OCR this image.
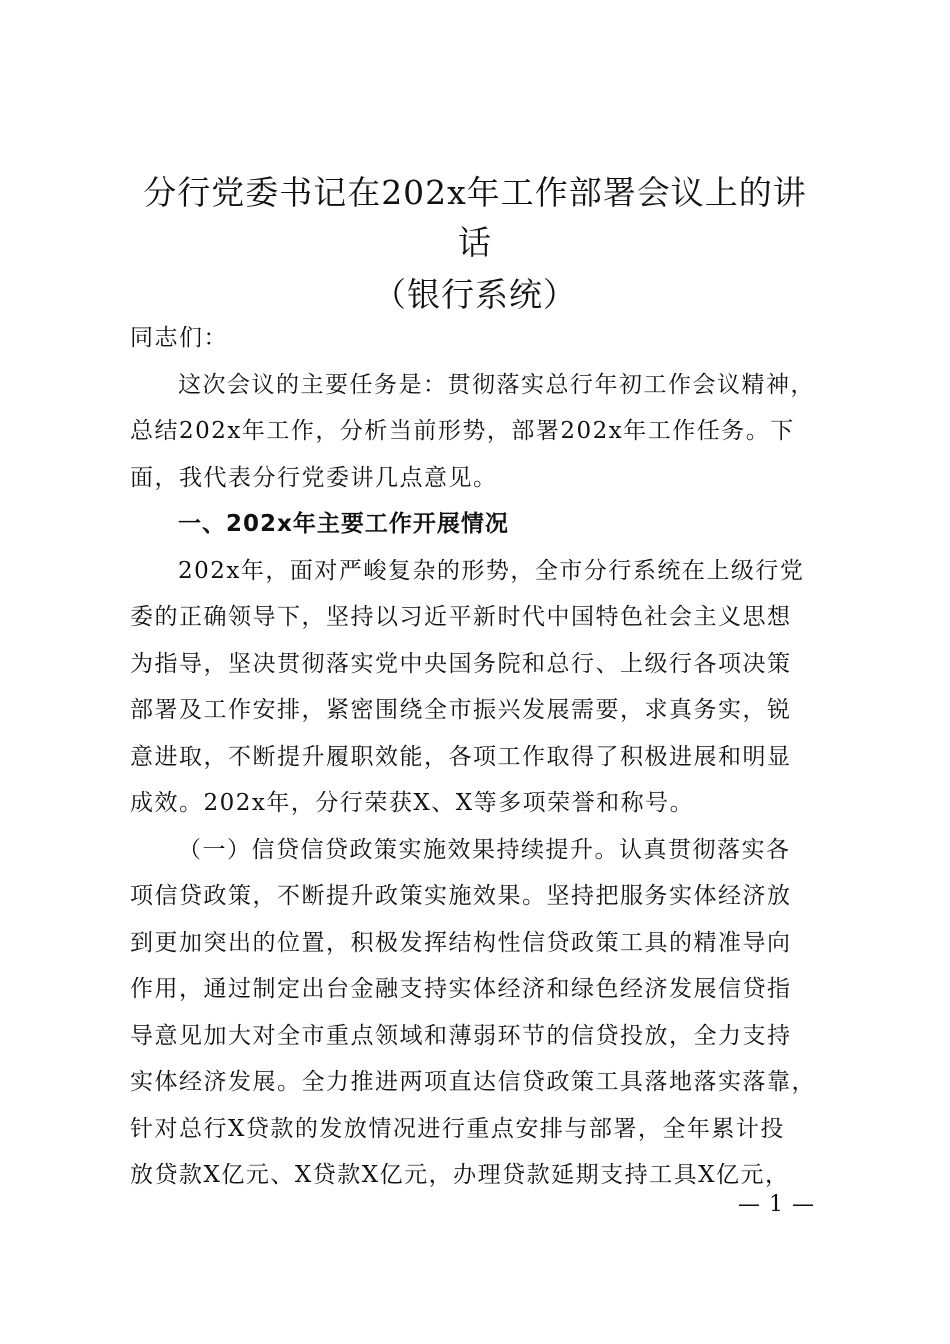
分行党委书记在202x年工作部署会议上的讲
话
（银行系统）

同志们：

这次会议的主要任务是：贯彻落实总行年初工作会议精神，
总结202x年工作，分析当前形势，部署202x年工作任务。下
面，我代表分行党委讲几点意见。

一、202x年主要工作开展情况

202x年，面对严峻复杂的形势，全市分行系统在上级行党
委的正确领导下，坚持以习近平新时代中国特色社会主义思想
为指导，坚决贯彻落实党中央国务院和总行、上级行各项决策
部署及工作安排，紧密围绕全市振兴发展需要，求真务实，锐
意进取，不断提升履职效能，各项工作取得了积极进展和明显
成效。202x年，分行荣获X、X等多项荣誉和称号。

（一）信贷信贷政策实施效果持续提升。认真贯彻落实各
项信贷政策，不断提升政策实施效果。坚持把服务实体经济放
到更加突出的位置，积极发挥结构性信贷政策工具的精准导向
作用，通过制定出台金融支持实体经济和绿色经济发展信贷指
导意见加大对全市重点领域和薄弱环节的信贷投放，全力支持
实体经济发展。全力推进两项直达信贷政策工具落地落实落靠，
针对总行X贷款的发放情况进行重点安排与部署，全年累计投
放贷款X亿元、X贷款X亿元，办理贷款延期支持工具X亿元，

— 1 —
